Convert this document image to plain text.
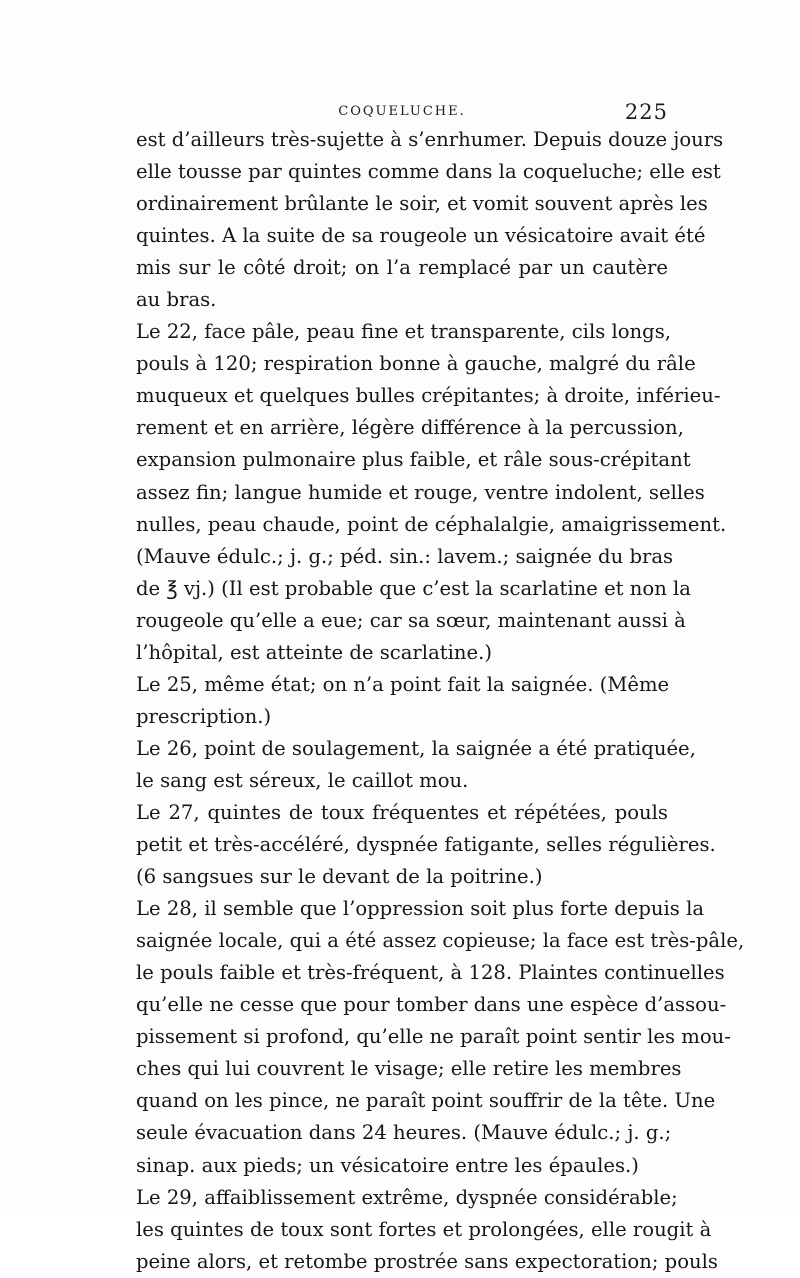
COQUELUCHE.	225
est d’ailleurs très-sujette à s’enrhumer. Depuis douze jours
elle tousse par quintes comme dans la coqueluche; elle est
ordinairement brûlante le soir, et vomit souvent après les
quintes. A la suite de sa rougeole un vésicatoire avait été
mis sur le côté droit; on l’a remplacé par un cautère
au bras.
Le 22, face pâle, peau fine et transparente, cils longs,
pouls à 120; respiration bonne à gauche, malgré du râle
muqueux et quelques bulles crépitantes; à droite, inférieu-
rement et en arrière, légère différence à la percussion,
expansion pulmonaire plus faible, et râle sous-crépitant
assez fin; langue humide et rouge, ventre indolent, selles
nulles, peau chaude, point de céphalalgie, amaigrissement.
(Mauve édulc.; j. g.; péd. sin.: lavem.; saignée du bras
de ℥ vj.) (Il est probable que c’est la scarlatine et non la
rougeole qu’elle a eue; car sa sœur, maintenant aussi à
l’hôpital, est atteinte de scarlatine.)
Le 25, même état; on n’a point fait la saignée. (Même
prescription.)
Le 26, point de soulagement, la saignée a été pratiquée,
le sang est séreux, le caillot mou.
Le 27, quintes de toux fréquentes et répétées, pouls
petit et très-accéléré, dyspnée fatigante, selles régulières.
(6 sangsues sur le devant de la poitrine.)
Le 28, il semble que l’oppression soit plus forte depuis la
saignée locale, qui a été assez copieuse; la face est très-pâle,
le pouls faible et très-fréquent, à 128. Plaintes continuelles
qu’elle ne cesse que pour tomber dans une espèce d’assou-
pissement si profond, qu’elle ne paraît point sentir les mou-
ches qui lui couvrent le visage; elle retire les membres
quand on les pince, ne paraît point souffrir de la tête. Une
seule évacuation dans 24 heures. (Mauve édulc.; j. g.;
sinap. aux pieds; un vésicatoire entre les épaules.)
Le 29, affaiblissement extrême, dyspnée considérable;
les quintes de toux sont fortes et prolongées, elle rougit à
peine alors, et retombe prostrée sans expectoration; pouls
